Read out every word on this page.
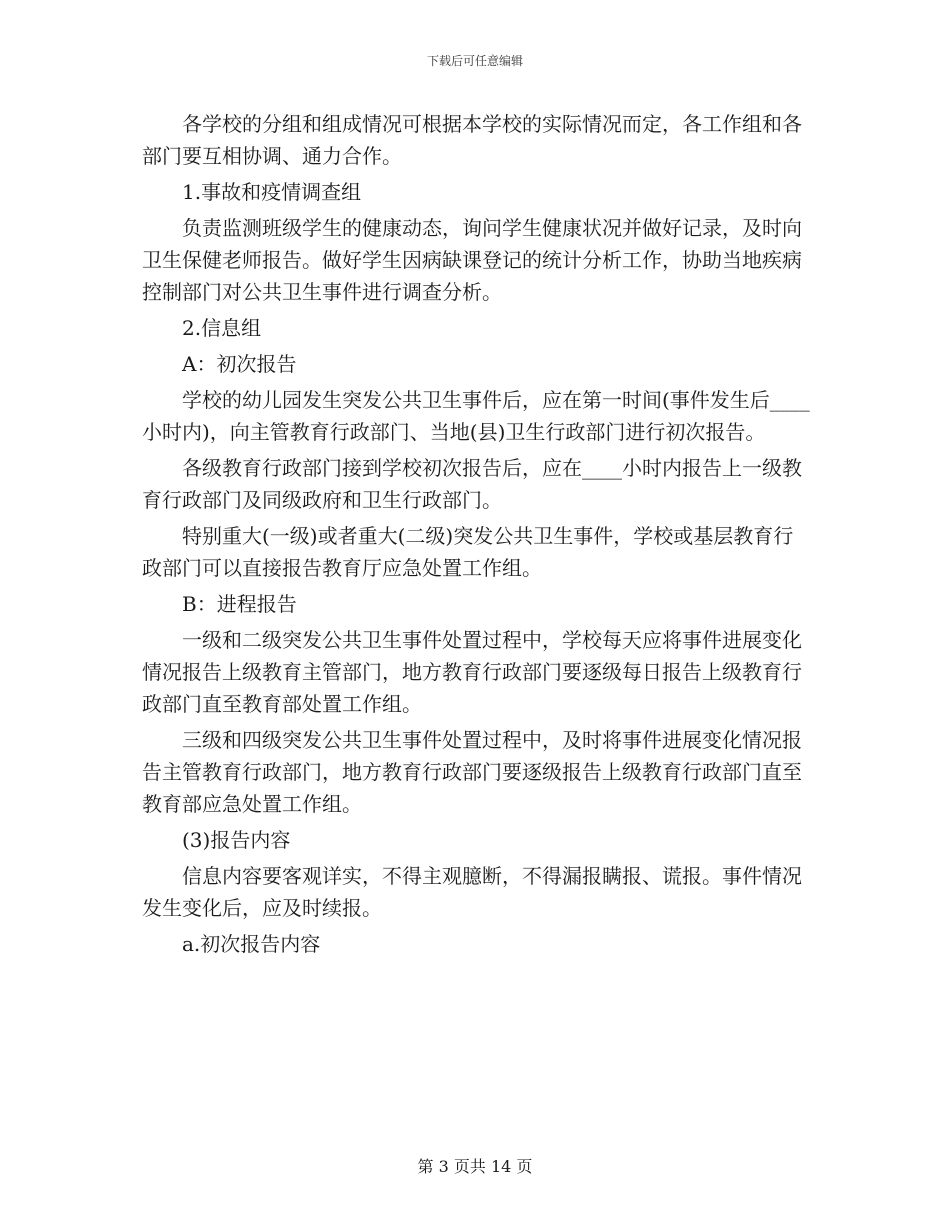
下载后可任意编辑

各学校的分组和组成情况可根据本学校的实际情况而定，各工作组和各部门要互相协调、通力合作。

1.事故和疫情调查组

负责监测班级学生的健康动态，询问学生健康状况并做好记录，及时向卫生保健老师报告。做好学生因病缺课登记的统计分析工作，协助当地疾病控制部门对公共卫生事件进行调查分析。

2.信息组

A：初次报告

学校的幼儿园发生突发公共卫生事件后，应在第一时间(事件发生后____小时内)，向主管教育行政部门、当地(县)卫生行政部门进行初次报告。

各级教育行政部门接到学校初次报告后，应在____小时内报告上一级教育行政部门及同级政府和卫生行政部门。

特别重大(一级)或者重大(二级)突发公共卫生事件，学校或基层教育行政部门可以直接报告教育厅应急处置工作组。

B：进程报告

一级和二级突发公共卫生事件处置过程中，学校每天应将事件进展变化情况报告上级教育主管部门，地方教育行政部门要逐级每日报告上级教育行政部门直至教育部处置工作组。

三级和四级突发公共卫生事件处置过程中，及时将事件进展变化情况报告主管教育行政部门，地方教育行政部门要逐级报告上级教育行政部门直至教育部应急处置工作组。

(3)报告内容

信息内容要客观详实，不得主观臆断，不得漏报瞒报、谎报。事件情况发生变化后，应及时续报。

a.初次报告内容

第 3 页共 14 页
